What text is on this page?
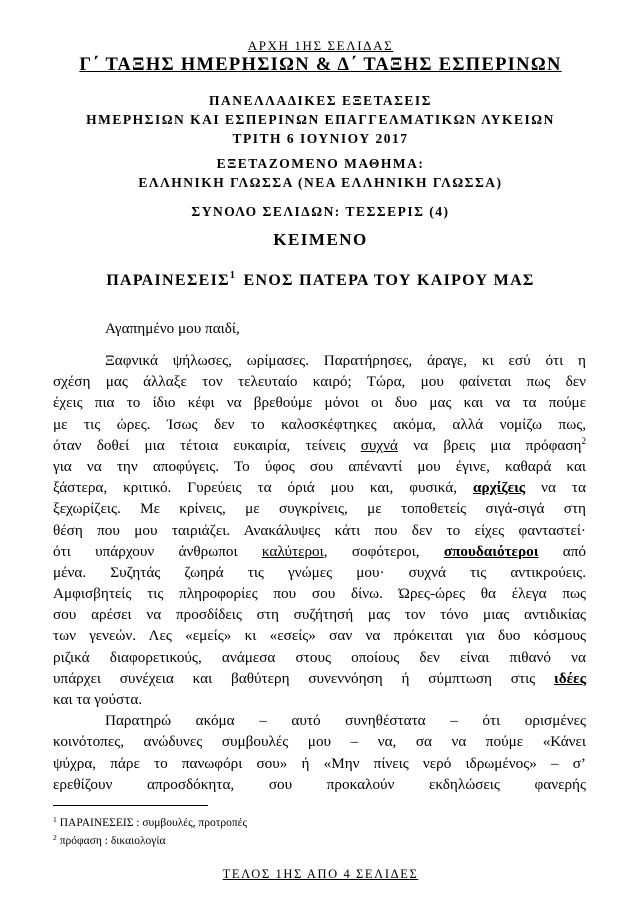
ΑΡΧΗ 1ΗΣ ΣΕΛΙΔΑΣ
Γ΄ ΤΑΞΗΣ ΗΜΕΡΗΣΙΩΝ & Δ΄ ΤΑΞΗΣ ΕΣΠΕΡΙΝΩΝ
ΠΑΝΕΛΛΑΔΙΚΕΣ ΕΞΕΤΑΣΕΙΣ
ΗΜΕΡΗΣΙΩΝ ΚΑΙ ΕΣΠΕΡΙΝΩΝ ΕΠΑΓΓΕΛΜΑΤΙΚΩΝ ΛΥΚΕΙΩΝ
ΤΡΙΤΗ 6 ΙΟΥΝΙΟΥ 2017
ΕΞΕΤΑΖΟΜΕΝΟ ΜΑΘΗΜΑ:
ΕΛΛΗΝΙΚΗ ΓΛΩΣΣΑ (ΝΕΑ ΕΛΛΗΝΙΚΗ ΓΛΩΣΣΑ)
ΣΥΝΟΛΟ ΣΕΛΙΔΩΝ: ΤΕΣΣΕΡΙΣ (4)
ΚΕΙΜΕΝΟ
ΠΑΡΑΙΝΕΣΕΙΣ$^1$ ΕΝΟΣ ΠΑΤΕΡΑ ΤΟΥ ΚΑΙΡΟΥ ΜΑΣ
Αγαπημένο μου παιδί,
Ξαφνικά ψήλωσες, ωρίμασες. Παρατήρησες, άραγε, κι εσύ ότι η
σχέση μας άλλαξε τον τελευταίο καιρό; Τώρα, μου φαίνεται πως δεν
έχεις πια το ίδιο κέφι να βρεθούμε μόνοι οι δυο μας και να τα πούμε
με τις ώρες. Ίσως δεν το καλοσκέφτηκες ακόμα, αλλά νομίζω πως,
όταν δοθεί μια τέτοια ευκαιρία, τείνεις συχνά να βρεις μια πρόφαση$^2$
για να την αποφύγεις. Το ύφος σου απέναντί μου έγινε, καθαρά και
ξάστερα, κριτικό. Γυρεύεις τα όριά μου και, φυσικά, αρχίζεις να τα
ξεχωρίζεις. Με κρίνεις, με συγκρίνεις, με τοποθετείς σιγά-σιγά στη
θέση που μου ταιριάζει. Ανακάλυψες κάτι που δεν το είχες φανταστεί·
ότι υπάρχουν άνθρωποι καλύτεροι, σοφότεροι, σπουδαιότεροι από
μένα. Συζητάς ζωηρά τις γνώμες μου· συχνά τις αντικρούεις.
Αμφισβητείς τις πληροφορίες που σου δίνω. Ώρες-ώρες θα έλεγα πως
σου αρέσει να προσδίδεις στη συζήτησή μας τον τόνο μιας αντιδικίας
των γενεών. Λες «εμείς» κι «εσείς» σαν να πρόκειται για δυο κόσμους
ριζικά διαφορετικούς, ανάμεσα στους οποίους δεν είναι πιθανό να
υπάρχει συνέχεια και βαθύτερη συνεννόηση ή σύμπτωση στις ιδέες
και τα γούστα.
Παρατηρώ ακόμα – αυτό συνηθέστατα – ότι ορισμένες
κοινότοπες, ανώδυνες συμβουλές μου – να, σα να πούμε «Κάνει
ψύχρα, πάρε το πανωφόρι σου» ή «Μην πίνεις νερό ιδρωμένος» – σ’
ερεθίζουν απροσδόκητα, σου προκαλούν εκδηλώσεις φανερής
$^1$ ΠΑΡΑΙΝΕΣΕΙΣ : συμβουλές, προτροπές
$^2$ πρόφαση : δικαιολογία
ΤΕΛΟΣ 1ΗΣ ΑΠΟ 4 ΣΕΛΙΔΕΣ
